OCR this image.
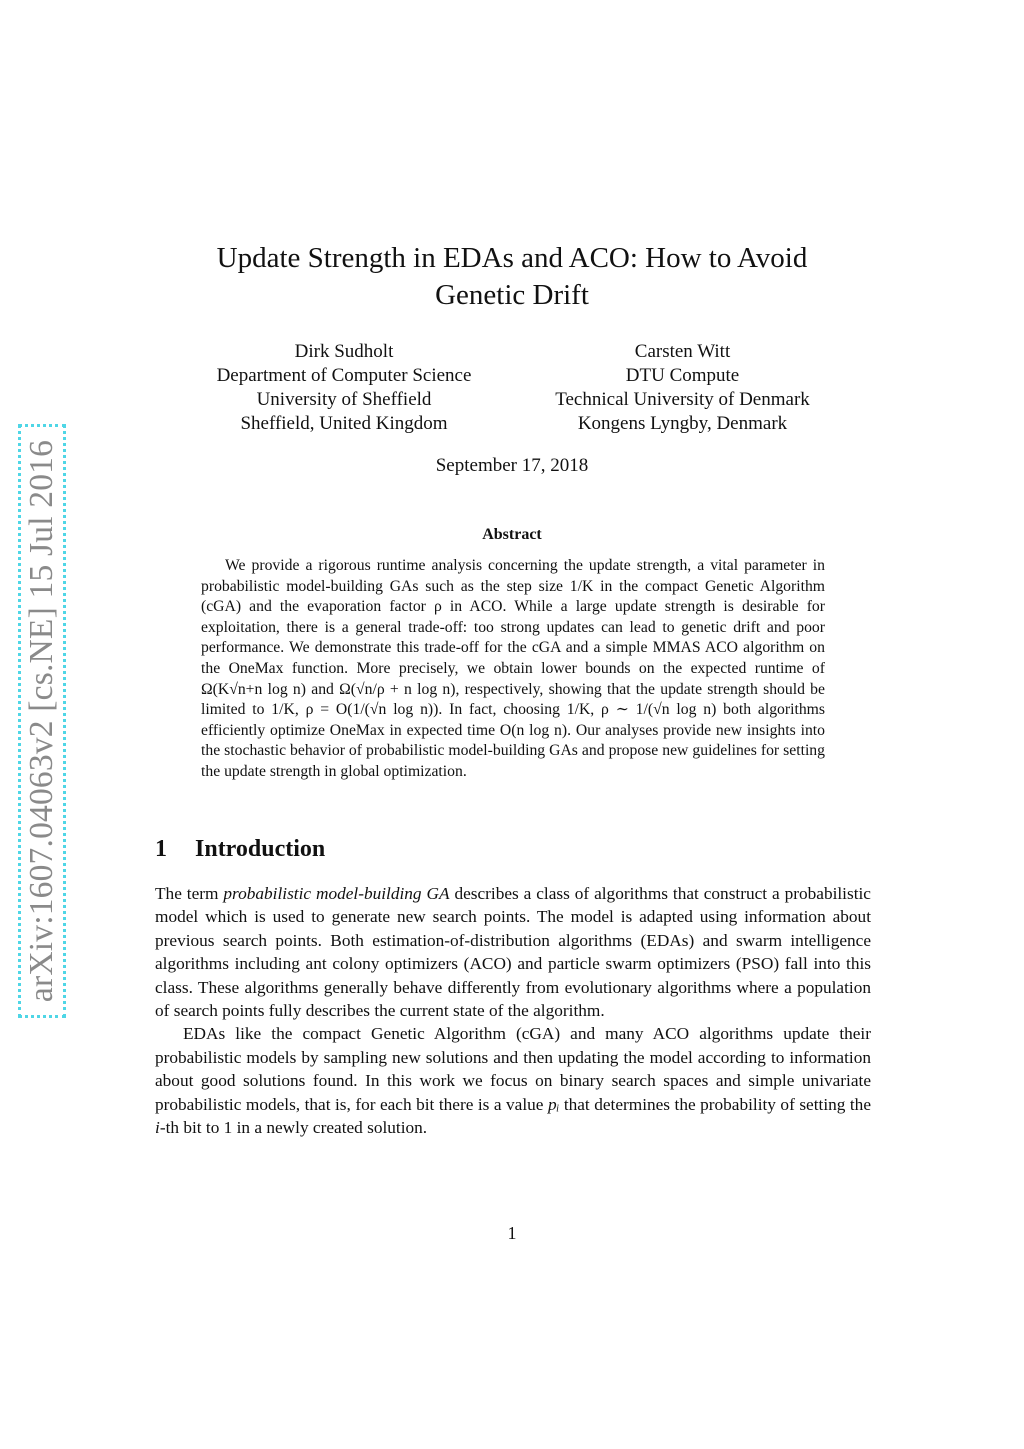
arXiv:1607.04063v2 [cs.NE] 15 Jul 2016
Update Strength in EDAs and ACO: How to Avoid
Genetic Drift
Dirk Sudholt
Department of Computer Science
University of Sheffield
Sheffield, United Kingdom
Carsten Witt
DTU Compute
Technical University of Denmark
Kongens Lyngby, Denmark
September 17, 2018
Abstract

We provide a rigorous runtime analysis concerning the update strength, a vital parameter in probabilistic model-building GAs such as the step size 1/K in the compact Genetic Algorithm (cGA) and the evaporation factor ρ in ACO. While a large update strength is desirable for exploitation, there is a general trade-off: too strong updates can lead to genetic drift and poor performance. We demonstrate this trade-off for the cGA and a simple MMAS ACO algorithm on the OneMax function. More precisely, we obtain lower bounds on the expected runtime of Ω(K√n+n log n) and Ω(√n/ρ + n log n), respectively, showing that the update strength should be limited to 1/K, ρ = O(1/(√n log n)). In fact, choosing 1/K, ρ ∼ 1/(√n log n) both algorithms efficiently optimize OneMax in expected time O(n log n). Our analyses provide new insights into the stochastic behavior of probabilistic model-building GAs and propose new guidelines for setting the update strength in global optimization.

1 Introduction

The term probabilistic model-building GA describes a class of algorithms that construct a probabilistic model which is used to generate new search points. The model is adapted using information about previous search points. Both estimation-of-distribution algorithms (EDAs) and swarm intelligence algorithms including ant colony optimizers (ACO) and particle swarm optimizers (PSO) fall into this class. These algorithms generally behave differently from evolutionary algorithms where a population of search points fully describes the current state of the algorithm.

EDAs like the compact Genetic Algorithm (cGA) and many ACO algorithms update their probabilistic models by sampling new solutions and then updating the model according to information about good solutions found. In this work we focus on binary search spaces and simple univariate probabilistic models, that is, for each bit there is a value pᵢ that determines the probability of setting the i-th bit to 1 in a newly created solution.

1
